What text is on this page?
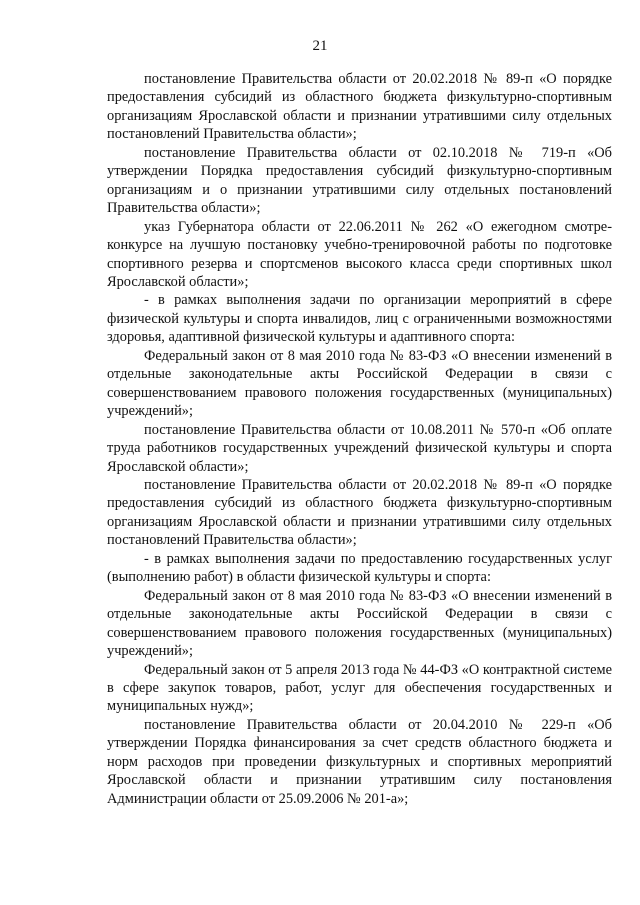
21

постановление Правительства области от 20.02.2018 № 89-п «О порядке предоставления субсидий из областного бюджета физкультурно-спортивным организациям Ярославской области и признании утратившими силу отдельных постановлений Правительства области»;

постановление Правительства области от 02.10.2018 № 719-п «Об утверждении Порядка предоставления субсидий физкультурно-спортивным организациям и о признании утратившими силу отдельных постановлений Правительства области»;

указ Губернатора области от 22.06.2011 № 262 «О ежегодном смотре-конкурсе на лучшую постановку учебно-тренировочной работы по подготовке спортивного резерва и спортсменов высокого класса среди спортивных школ Ярославской области»;

- в рамках выполнения задачи по организации мероприятий в сфере физической культуры и спорта инвалидов, лиц с ограниченными возможностями здоровья, адаптивной физической культуры и адаптивного спорта:

Федеральный закон от 8 мая 2010 года № 83-ФЗ «О внесении изменений в отдельные законодательные акты Российской Федерации в связи с совершенствованием правового положения государственных (муниципальных) учреждений»;

постановление Правительства области от 10.08.2011 № 570-п «Об оплате труда работников государственных учреждений физической культуры и спорта Ярославской области»;

постановление Правительства области от 20.02.2018 № 89-п «О порядке предоставления субсидий из областного бюджета физкультурно-спортивным организациям Ярославской области и признании утратившими силу отдельных постановлений Правительства области»;

- в рамках выполнения задачи по предоставлению государственных услуг (выполнению работ) в области физической культуры и спорта:

Федеральный закон от 8 мая 2010 года № 83-ФЗ «О внесении изменений в отдельные законодательные акты Российской Федерации в связи с совершенствованием правового положения государственных (муниципальных) учреждений»;

Федеральный закон от 5 апреля 2013 года № 44-ФЗ «О контрактной системе в сфере закупок товаров, работ, услуг для обеспечения государственных и муниципальных нужд»;

постановление Правительства области от 20.04.2010 № 229-п «Об утверждении Порядка финансирования за счет средств областного бюджета и норм расходов при проведении физкультурных и спортивных мероприятий Ярославской области и признании утратившим силу постановления Администрации области от 25.09.2006 № 201-а»;
